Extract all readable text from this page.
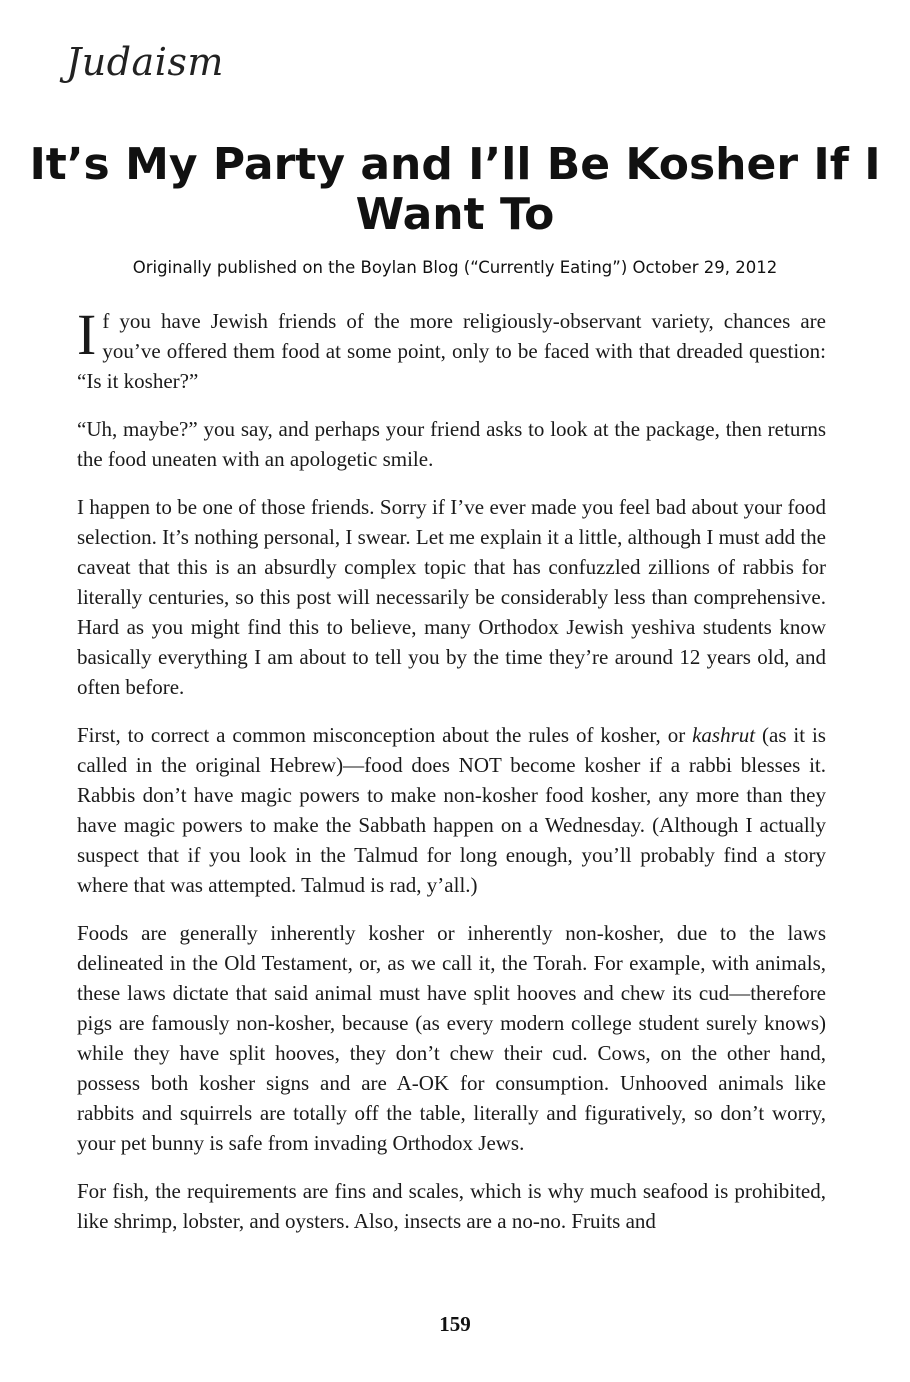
Judaism
It’s My Party and I’ll Be Kosher If I Want To
Originally published on the Boylan Blog (“Currently Eating”) October 29, 2012

If you have Jewish friends of the more religiously-observant variety, chances are you’ve offered them food at some point, only to be faced with that dreaded question: “Is it kosher?”

“Uh, maybe?” you say, and perhaps your friend asks to look at the package, then returns the food uneaten with an apologetic smile.

I happen to be one of those friends. Sorry if I’ve ever made you feel bad about your food selection. It’s nothing personal, I swear. Let me explain it a little, although I must add the caveat that this is an absurdly complex topic that has confuzzled zillions of rabbis for literally centuries, so this post will necessarily be considerably less than comprehensive. Hard as you might find this to believe, many Orthodox Jewish yeshiva students know basically everything I am about to tell you by the time they’re around 12 years old, and often before.

First, to correct a common misconception about the rules of kosher, or kashrut (as it is called in the original Hebrew)—food does NOT become kosher if a rabbi blesses it. Rabbis don’t have magic powers to make non-kosher food kosher, any more than they have magic powers to make the Sabbath happen on a Wednesday. (Although I actually suspect that if you look in the Talmud for long enough, you’ll probably find a story where that was attempted. Talmud is rad, y’all.)

Foods are generally inherently kosher or inherently non-kosher, due to the laws delineated in the Old Testament, or, as we call it, the Torah. For example, with animals, these laws dictate that said animal must have split hooves and chew its cud—therefore pigs are famously non-kosher, because (as every modern college student surely knows) while they have split hooves, they don’t chew their cud. Cows, on the other hand, possess both kosher signs and are A-OK for consumption. Unhooved animals like rabbits and squirrels are totally off the table, literally and figuratively, so don’t worry, your pet bunny is safe from invading Orthodox Jews.

For fish, the requirements are fins and scales, which is why much seafood is prohibited, like shrimp, lobster, and oysters. Also, insects are a no-no. Fruits and

159
